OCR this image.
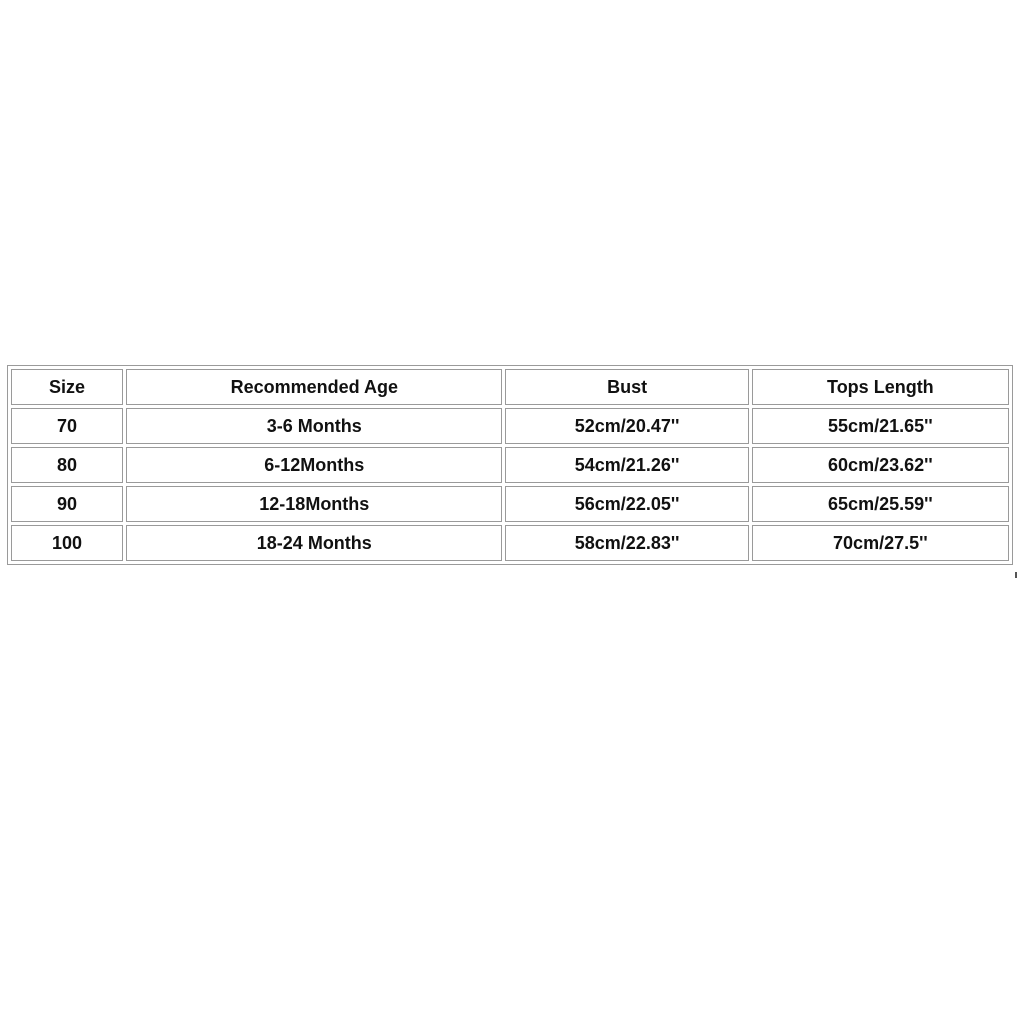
Size	Recommended Age	Bust	Tops Length
70	3-6 Months	52cm/20.47''	55cm/21.65''
80	6-12Months	54cm/21.26''	60cm/23.62''
90	12-18Months	56cm/22.05''	65cm/25.59''
100	18-24 Months	58cm/22.83''	70cm/27.5''
